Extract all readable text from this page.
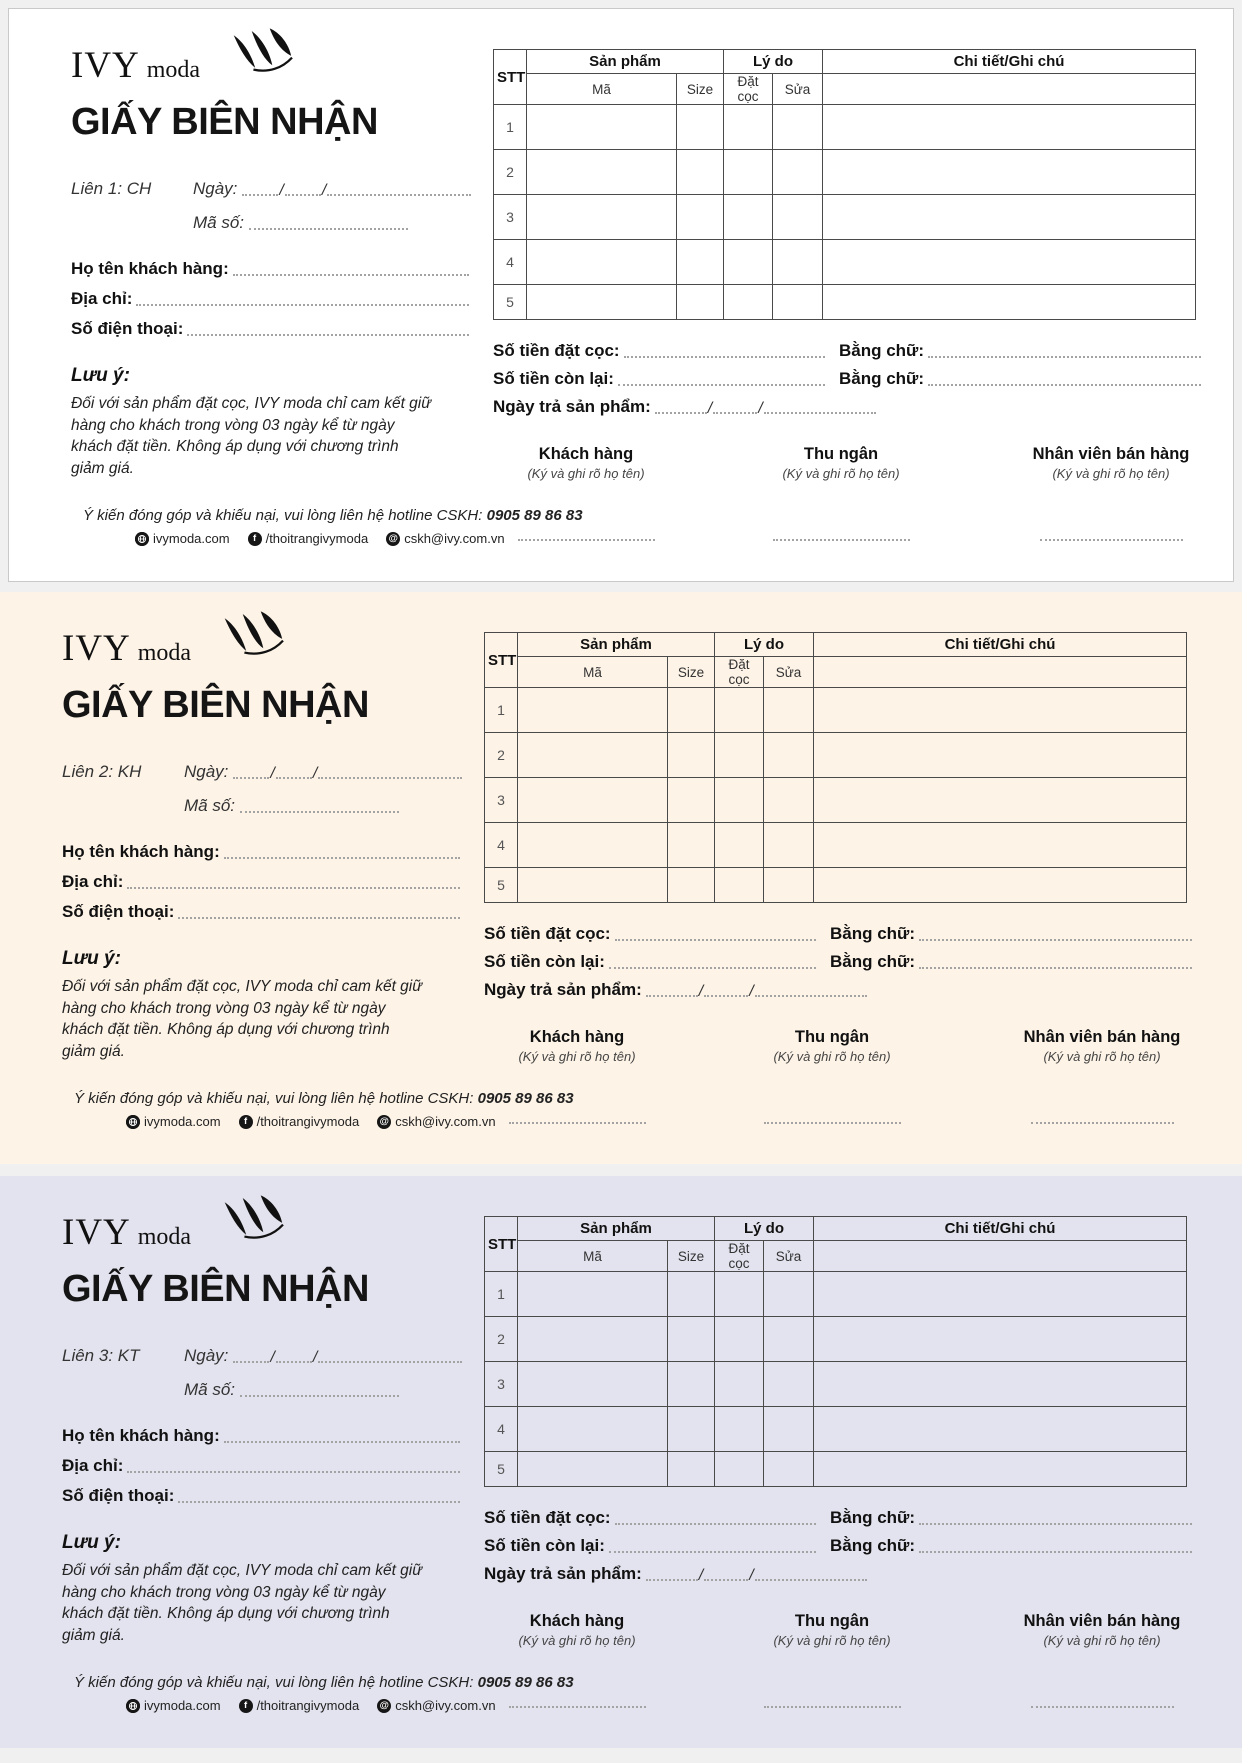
IVY moda
GIẤY BIÊN NHẬN
Liên 1: CH	Ngày:	/ /
Mã số:
Họ tên khách hàng:
Địa chỉ:
Số điện thoại:
Lưu ý:
Đối với sản phẩm đặt cọc, IVY moda chỉ cam kết giữ hàng cho khách trong vòng 03 ngày kể từ ngày khách đặt tiền. Không áp dụng với chương trình giảm giá.
STT	Sản phẩm		Lý do		Chi tiết/Ghi chú
	Mã	Size	Đặt cọc	Sửa	
1					
2					
3					
4					
5					
Số tiền đặt cọc:	Bằng chữ:
Số tiền còn lại:	Bằng chữ:
Ngày trả sản phẩm:	/	/
Khách hàng
(Ký và ghi rõ họ tên)
Thu ngân
(Ký và ghi rõ họ tên)
Nhân viên bán hàng
(Ký và ghi rõ họ tên)
Ý kiến đóng góp và khiếu nại, vui lòng liên hệ hotline CSKH: 0905 89 86 83
ivymoda.com	f /thoitrangivymoda @ cskh@ivy.com.vn
IVY moda
GIẤY BIÊN NHẬN
Liên 2: KH	Ngày:	/ /
Mã số:
Họ tên khách hàng:
Địa chỉ:
Số điện thoại:
Lưu ý:
Đối với sản phẩm đặt cọc, IVY moda chỉ cam kết giữ hàng cho khách trong vòng 03 ngày kể từ ngày khách đặt tiền. Không áp dụng với chương trình giảm giá.
STT	Sản phẩm		Lý do		Chi tiết/Ghi chú
	Mã	Size	Đặt cọc	Sửa	
1					
2					
3					
4					
5					
Số tiền đặt cọc:	Bằng chữ:
Số tiền còn lại:	Bằng chữ:
Ngày trả sản phẩm:	/	/
Khách hàng
(Ký và ghi rõ họ tên)
Thu ngân
(Ký và ghi rõ họ tên)
Nhân viên bán hàng
(Ký và ghi rõ họ tên)
Ý kiến đóng góp và khiếu nại, vui lòng liên hệ hotline CSKH: 0905 89 86 83
ivymoda.com	f /thoitrangivymoda @ cskh@ivy.com.vn
IVY moda
GIẤY BIÊN NHẬN
Liên 3: KT	Ngày:	/ /
Mã số:
Họ tên khách hàng:
Địa chỉ:
Số điện thoại:
Lưu ý:
Đối với sản phẩm đặt cọc, IVY moda chỉ cam kết giữ hàng cho khách trong vòng 03 ngày kể từ ngày khách đặt tiền. Không áp dụng với chương trình giảm giá.
STT	Sản phẩm		Lý do		Chi tiết/Ghi chú
	Mã	Size	Đặt cọc	Sửa	
1					
2					
3					
4					
5					
Số tiền đặt cọc:	Bằng chữ:
Số tiền còn lại:	Bằng chữ:
Ngày trả sản phẩm:	/	/
Khách hàng
(Ký và ghi rõ họ tên)
Thu ngân
(Ký và ghi rõ họ tên)
Nhân viên bán hàng
(Ký và ghi rõ họ tên)
Ý kiến đóng góp và khiếu nại, vui lòng liên hệ hotline CSKH: 0905 89 86 83
ivymoda.com	f /thoitrangivymoda @ cskh@ivy.com.vn
